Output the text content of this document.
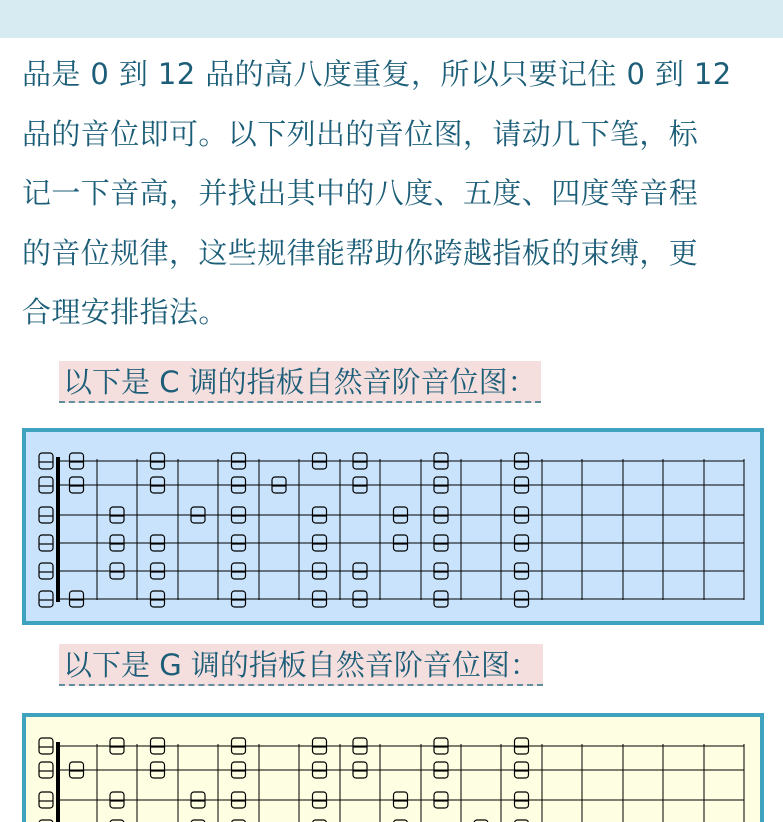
品是 0 到 12 品的高八度重复，所以只要记住 0 到 12
品的音位即可。以下列出的音位图，请动几下笔，标
记一下音高，并找出其中的八度、五度、四度等音程
的音位规律，这些规律能帮助你跨越指板的束缚，更
合理安排指法。
以下是 C 调的指板自然音阶音位图：
以下是 G 调的指板自然音阶音位图：
